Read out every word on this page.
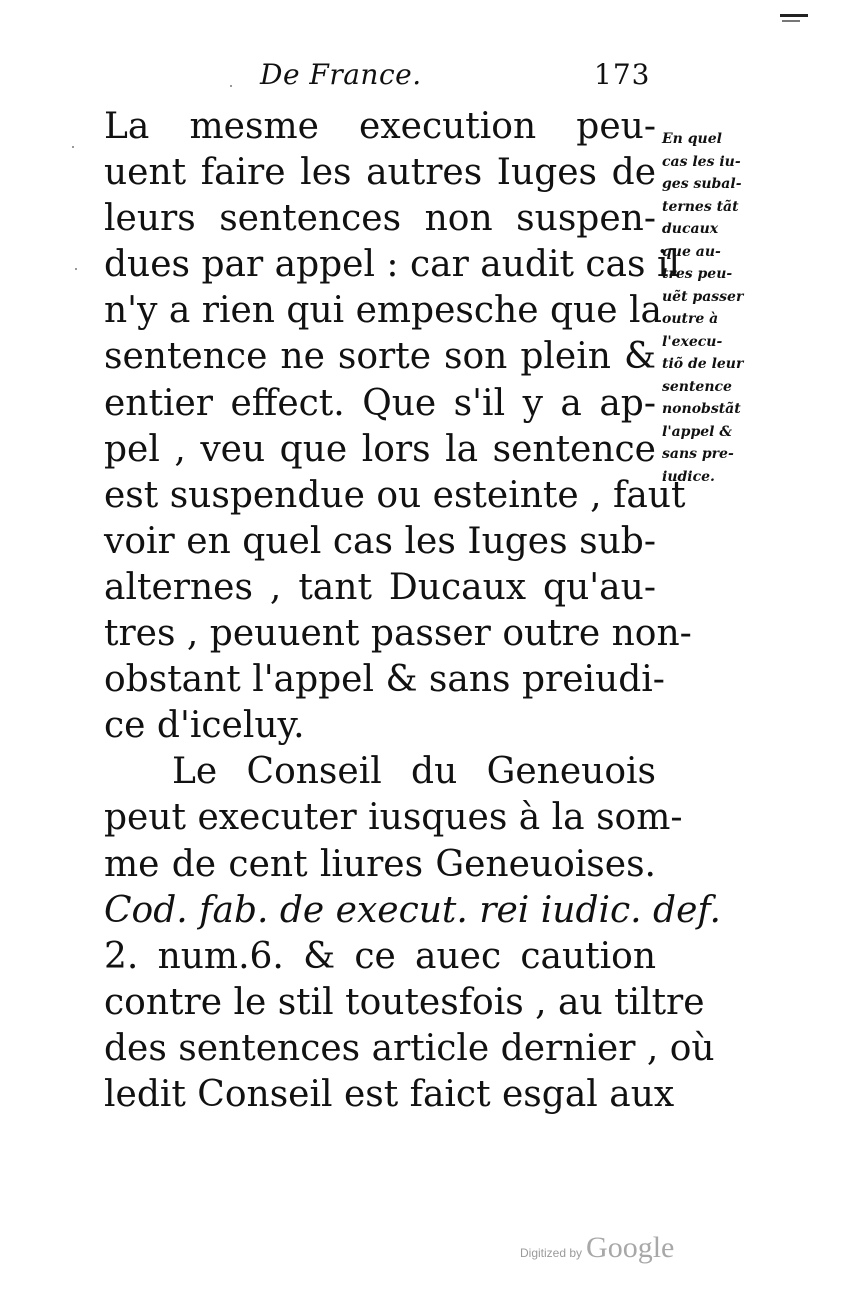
De France.	173
La mesme execution peu-
uent faire les autres Iuges de
leurs sentences non suspen-
dues par appel : car audit cas il
n'y a rien qui empesche que la
sentence ne sorte son plein &
entier effect. Que s'il y a ap-
pel , veu que lors la sentence
est suspendue ou esteinte , faut
voir en quel cas les Iuges sub-
alternes , tant Ducaux qu'au-
tres , peuuent passer outre non-
obstant l'appel & sans preiudi-
ce d'iceluy.
Le Conseil du Geneuois
peut executer iusques à la som-
me de cent liures Geneuoises.
Cod. fab. de execut. rei iudic. def.
2. num.6. & ce auec caution
contre le stil toutesfois , au tiltre
des sentences article dernier , où
ledit Conseil est faict esgal aux
En quel
cas les iu-
ges subal-
ternes tãt
ducaux
que au-
tres peu-
uẽt passer
outre à
l'execu-
tiõ de leur
sentence
nonobstãt
l'appel &
sans pre-
iudice.
Digitized by Google
